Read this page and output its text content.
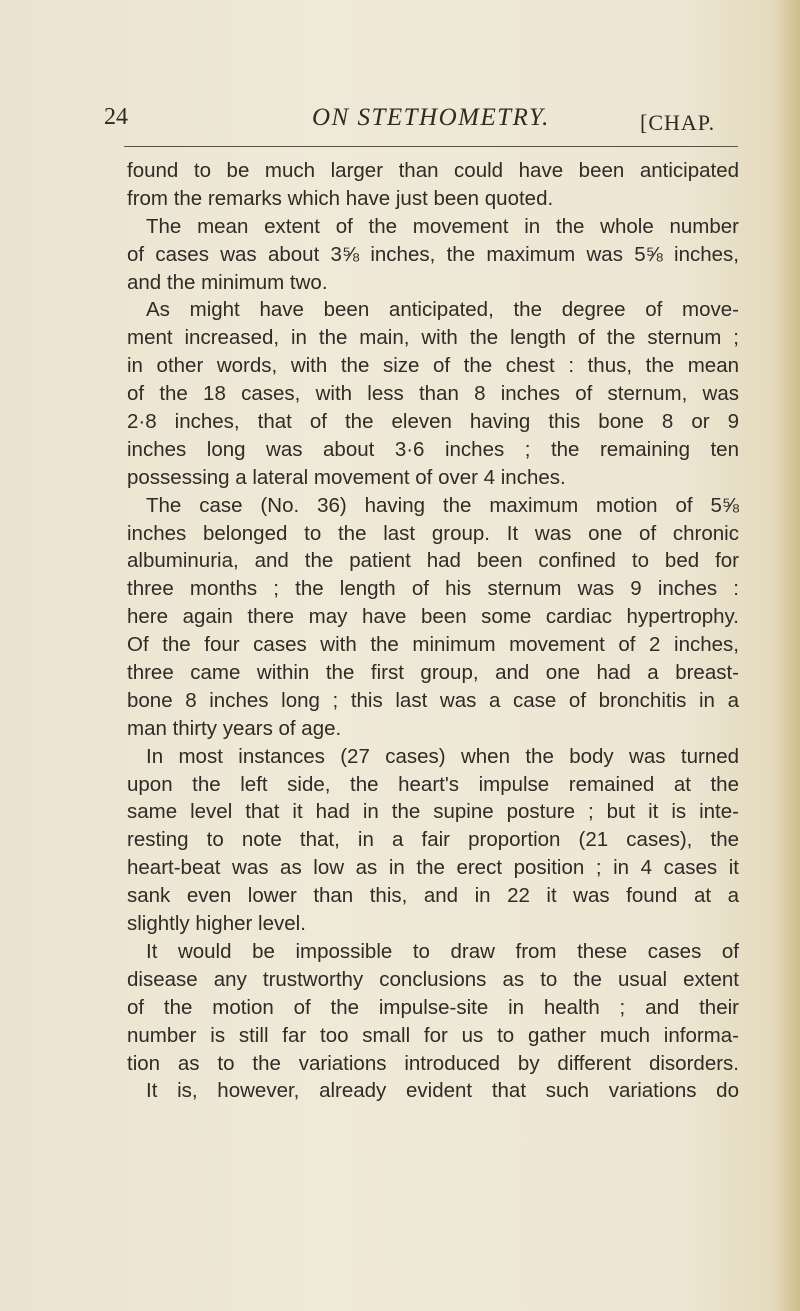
24	ON STETHOMETRY.	[CHAP.
found to be much larger than could have been anticipated
from the remarks which have just been quoted.
The mean extent of the movement in the whole number
of cases was about 3⅝ inches, the maximum was 5⅝ inches,
and the minimum two.
As might have been anticipated, the degree of move-
ment increased, in the main, with the length of the sternum ;
in other words, with the size of the chest : thus, the mean
of the 18 cases, with less than 8 inches of sternum, was
2·8 inches, that of the eleven having this bone 8 or 9
inches long was about 3·6 inches ; the remaining ten
possessing a lateral movement of over 4 inches.
The case (No. 36) having the maximum motion of 5⅝
inches belonged to the last group. It was one of chronic
albuminuria, and the patient had been confined to bed for
three months ; the length of his sternum was 9 inches :
here again there may have been some cardiac hypertrophy.
Of the four cases with the minimum movement of 2 inches,
three came within the first group, and one had a breast-
bone 8 inches long ; this last was a case of bronchitis in a
man thirty years of age.
In most instances (27 cases) when the body was turned
upon the left side, the heart's impulse remained at the
same level that it had in the supine posture ; but it is inte-
resting to note that, in a fair proportion (21 cases), the
heart-beat was as low as in the erect position ; in 4 cases it
sank even lower than this, and in 22 it was found at a
slightly higher level.
It would be impossible to draw from these cases of
disease any trustworthy conclusions as to the usual extent
of the motion of the impulse-site in health ; and their
number is still far too small for us to gather much informa-
tion as to the variations introduced by different disorders.
It is, however, already evident that such variations do
